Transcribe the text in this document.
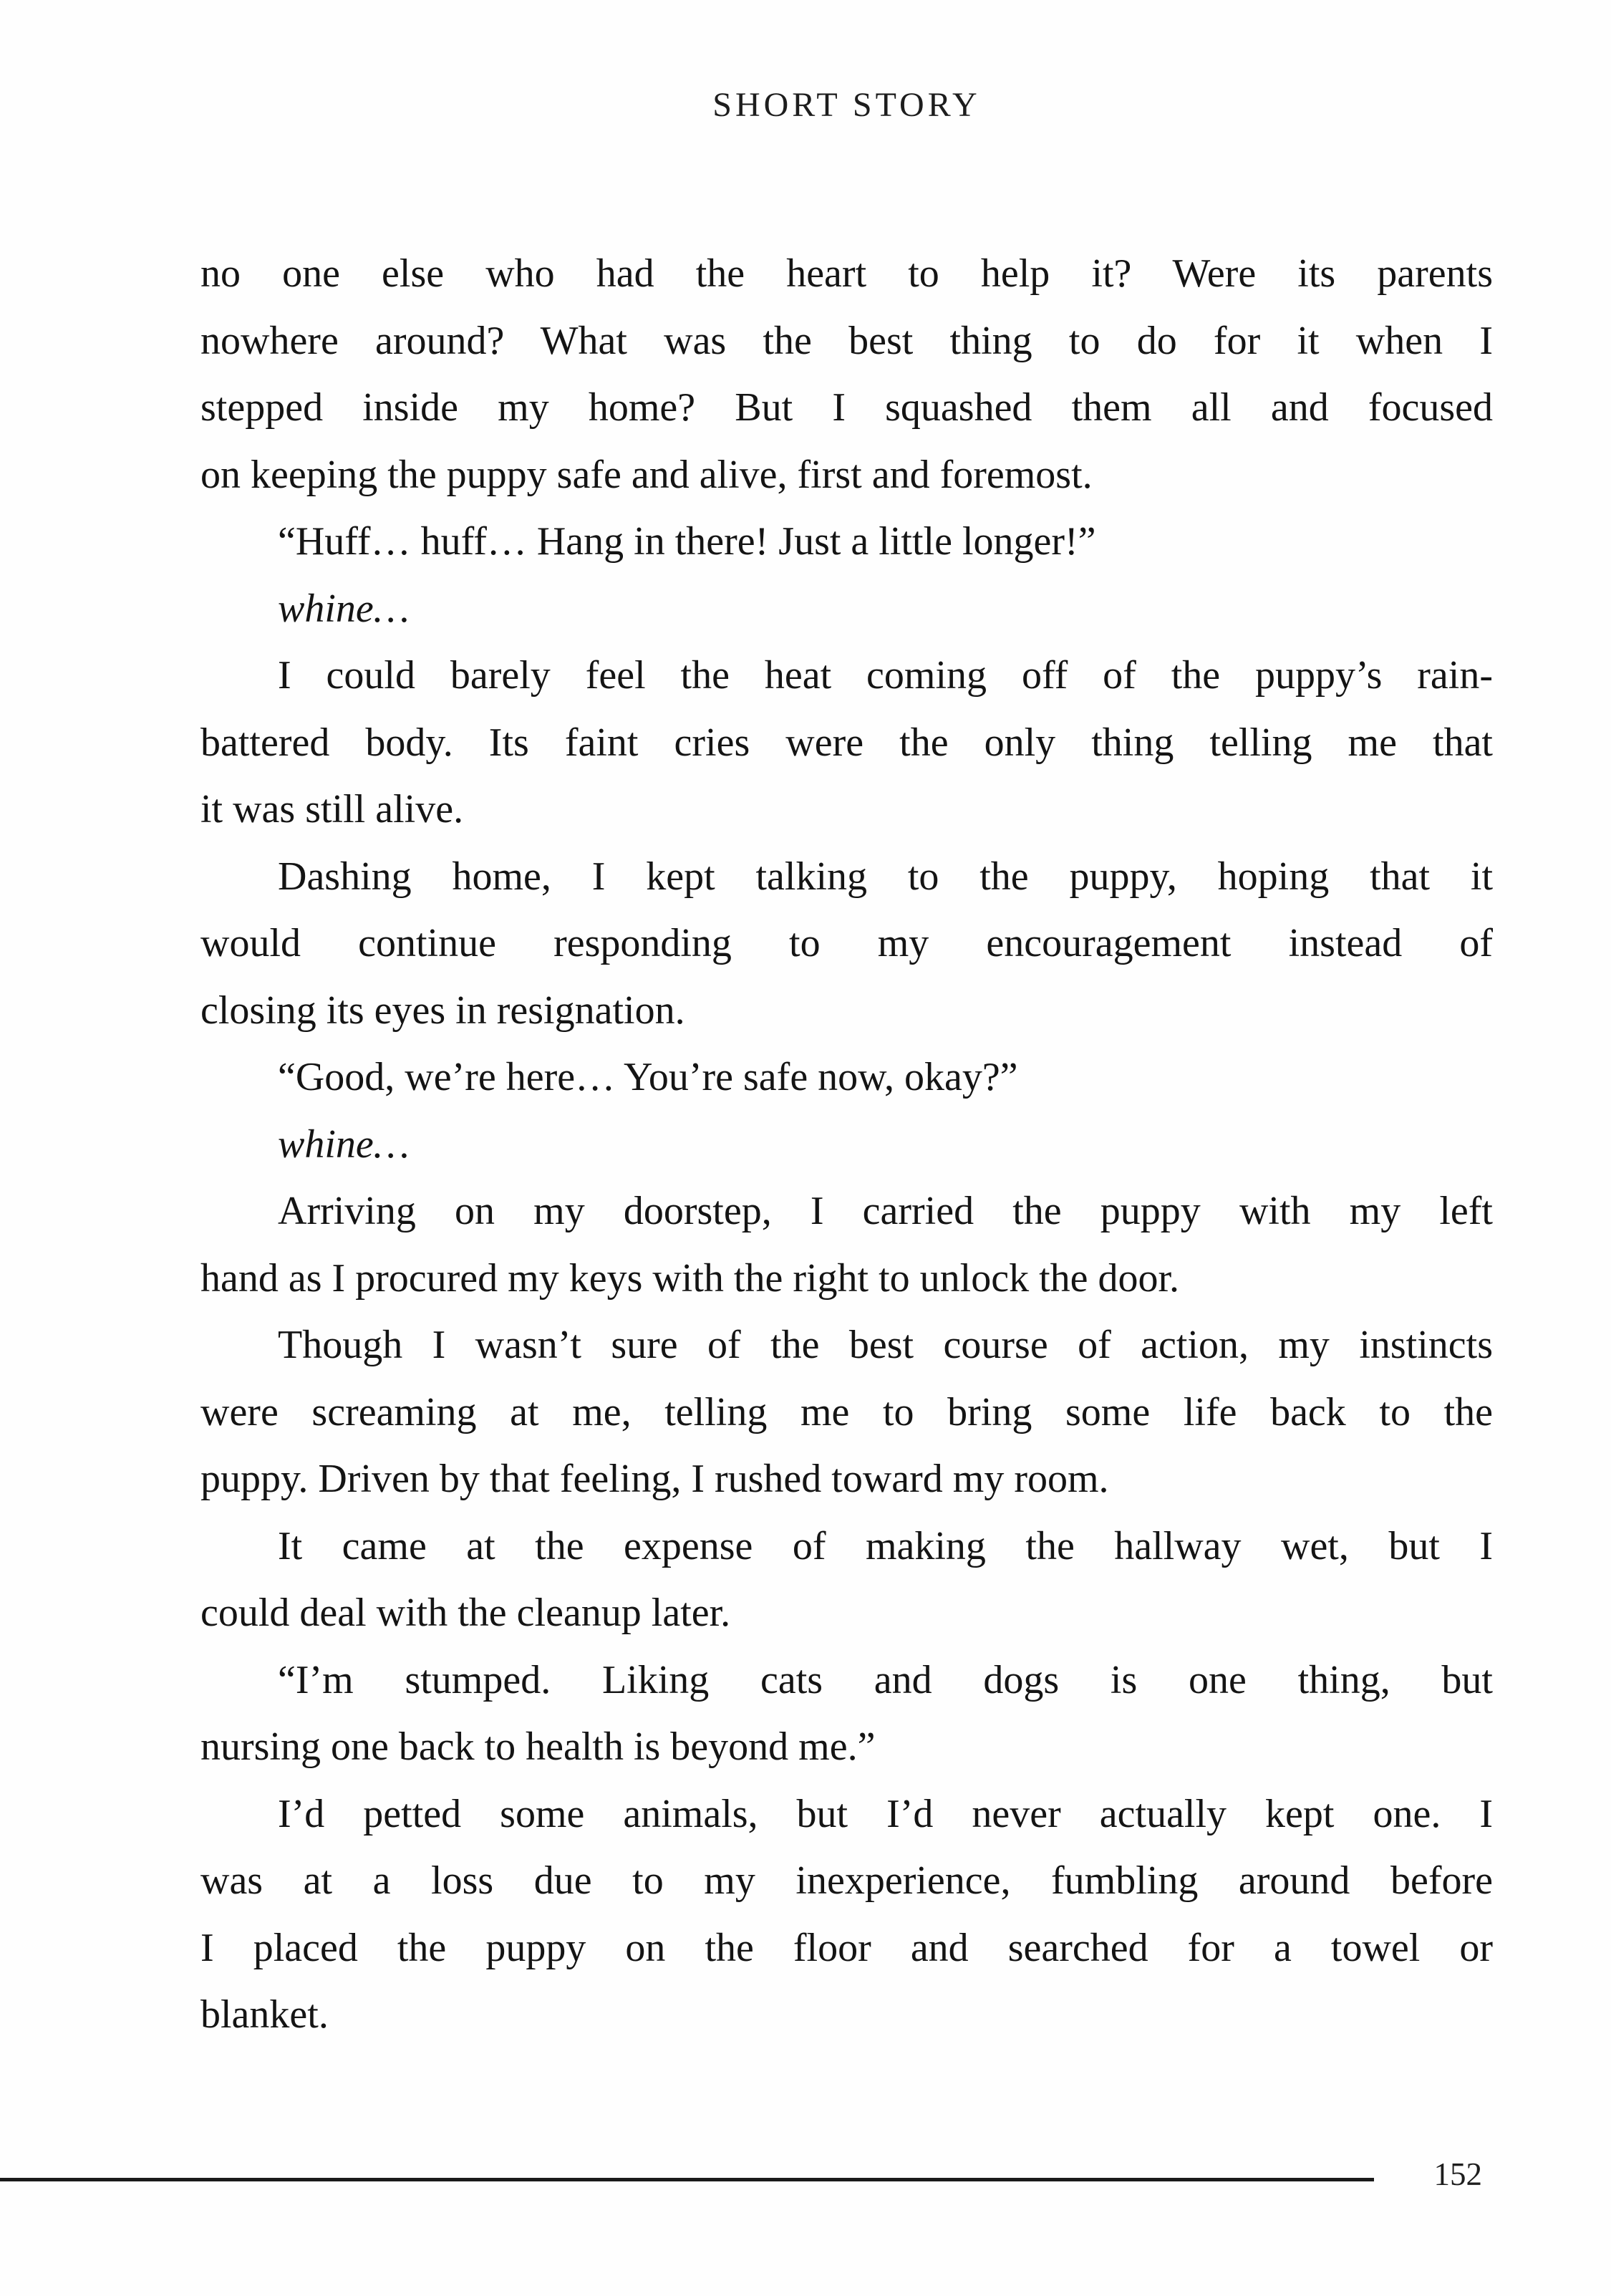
SHORT STORY
no one else who had the heart to help it? Were its parents
nowhere around? What was the best thing to do for it when I
stepped inside my home? But I squashed them all and focused
on keeping the puppy safe and alive, first and foremost.
“Huff… huff… Hang in there! Just a little longer!”
whine…
I could barely feel the heat coming off of the puppy’s rain-
battered body. Its faint cries were the only thing telling me that
it was still alive.
Dashing home, I kept talking to the puppy, hoping that it
would continue responding to my encouragement instead of
closing its eyes in resignation.
“Good, we’re here… You’re safe now, okay?”
whine…
Arriving on my doorstep, I carried the puppy with my left
hand as I procured my keys with the right to unlock the door.
Though I wasn’t sure of the best course of action, my instincts
were screaming at me, telling me to bring some life back to the
puppy. Driven by that feeling, I rushed toward my room.
It came at the expense of making the hallway wet, but I
could deal with the cleanup later.
“I’m stumped. Liking cats and dogs is one thing, but
nursing one back to health is beyond me.”
I’d petted some animals, but I’d never actually kept one. I
was at a loss due to my inexperience, fumbling around before
I placed the puppy on the floor and searched for a towel or
blanket.
152
